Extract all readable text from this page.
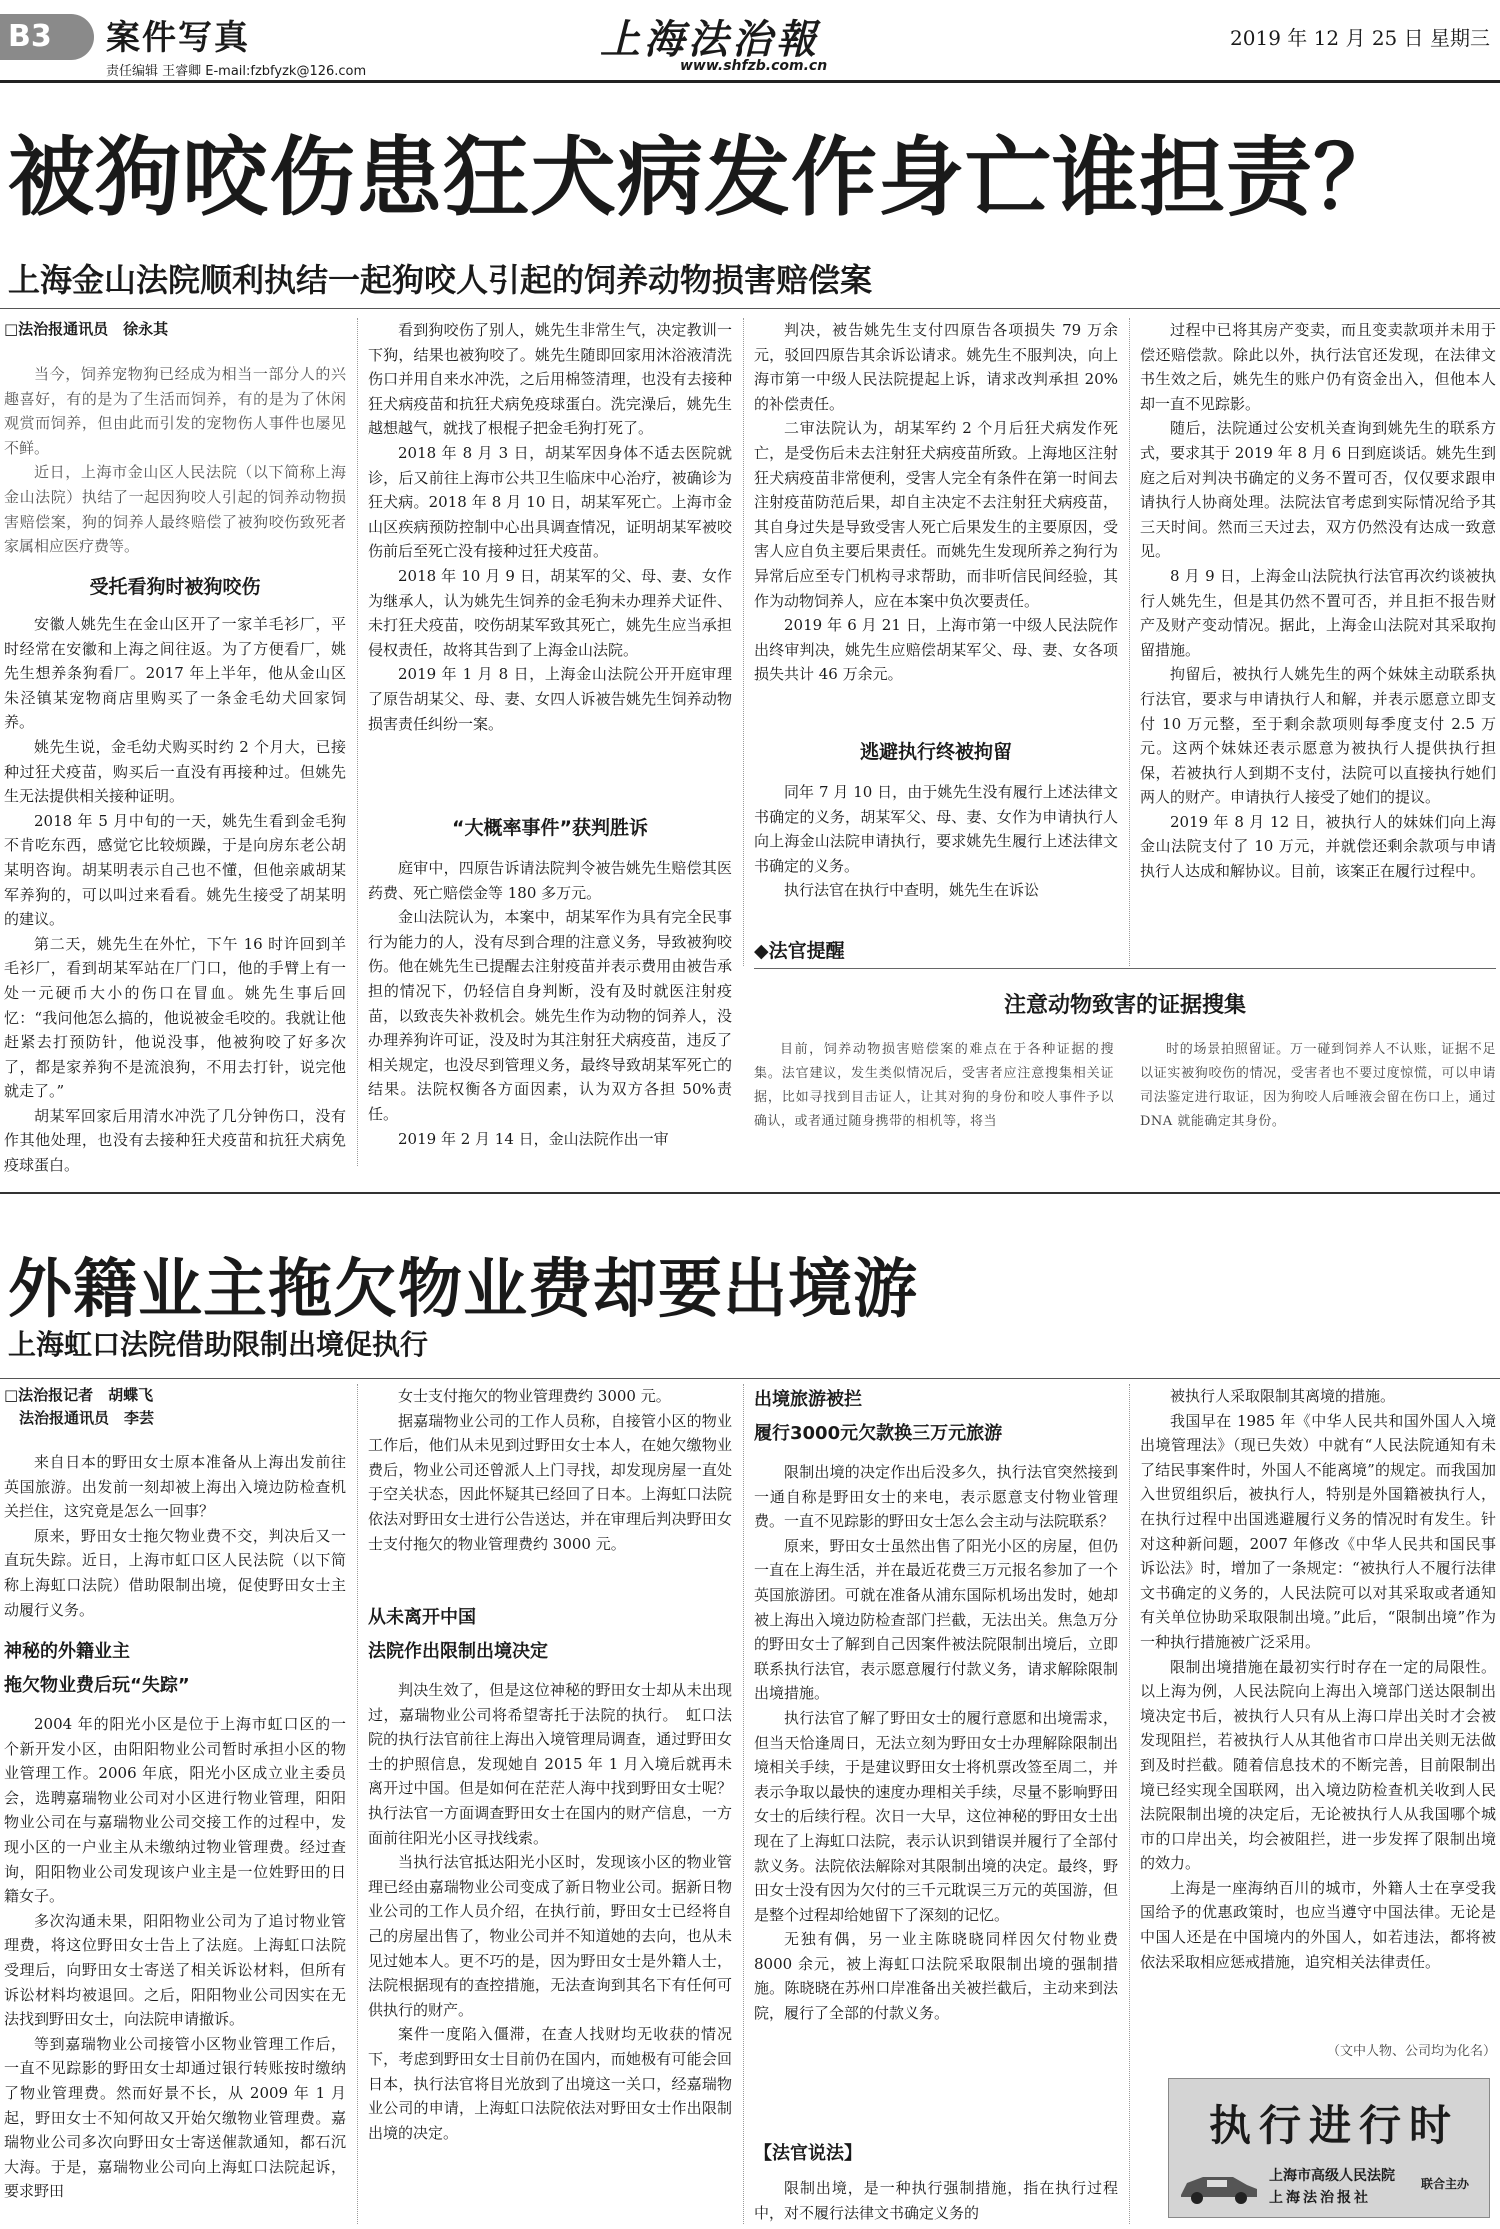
B3	案件写真
责任编辑 王睿卿 E-mail:fzbfyzk@126.com
上海法治報
www.shfzb.com.cn
2019 年 12 月 25 日 星期三
被狗咬伤患狂犬病发作身亡谁担责？
上海金山法院顺利执结一起狗咬人引起的饲养动物损害赔偿案
□法治报通讯员　徐永其

当今，饲养宠物狗已经成为相当一部分人的兴趣喜好，有的是为了生活而饲养，有的是为了休闲观赏而饲养，但由此而引发的宠物伤人事件也屡见不鲜。

近日，上海市金山区人民法院（以下简称上海金山法院）执结了一起因狗咬人引起的饲养动物损害赔偿案，狗的饲养人最终赔偿了被狗咬伤致死者家属相应医疗费等。

受托看狗时被狗咬伤

安徽人姚先生在金山区开了一家羊毛衫厂，平时经常在安徽和上海之间往返。为了方便看厂，姚先生想养条狗看厂。2017 年上半年，他从金山区朱泾镇某宠物商店里购买了一条金毛幼犬回家饲养。

姚先生说，金毛幼犬购买时约 2 个月大，已接种过狂犬疫苗，购买后一直没有再接种过。但姚先生无法提供相关接种证明。

2018 年 5 月中旬的一天，姚先生看到金毛狗不肯吃东西，感觉它比较烦躁，于是向房东老公胡某明咨询。胡某明表示自己也不懂，但他亲戚胡某军养狗的，可以叫过来看看。姚先生接受了胡某明的建议。

第二天，姚先生在外忙，下午 16 时许回到羊毛衫厂，看到胡某军站在厂门口，他的手臂上有一处一元硬币大小的伤口在冒血。姚先生事后回忆：“我问他怎么搞的，他说被金毛咬的。我就让他赶紧去打预防针，他说没事，他被狗咬了好多次了，都是家养狗不是流浪狗，不用去打针，说完他就走了。”

胡某军回家后用清水冲洗了几分钟伤口，没有作其他处理，也没有去接种狂犬疫苗和抗狂犬病免疫球蛋白。

看到狗咬伤了别人，姚先生非常生气，决定教训一下狗，结果也被狗咬了。姚先生随即回家用沐浴液清洗伤口并用自来水冲洗，之后用棉签清理，也没有去接种狂犬病疫苗和抗狂犬病免疫球蛋白。洗完澡后，姚先生越想越气，就找了根棍子把金毛狗打死了。

2018 年 8 月 3 日，胡某军因身体不适去医院就诊，后又前往上海市公共卫生临床中心治疗，被确诊为狂犬病。2018 年 8 月 10 日，胡某军死亡。上海市金山区疾病预防控制中心出具调查情况，证明胡某军被咬伤前后至死亡没有接种过狂犬疫苗。

2018 年 10 月 9 日，胡某军的父、母、妻、女作为继承人，认为姚先生饲养的金毛狗未办理养犬证件、未打狂犬疫苗，咬伤胡某军致其死亡，姚先生应当承担侵权责任，故将其告到了上海金山法院。

2019 年 1 月 8 日，上海金山法院公开开庭审理了原告胡某父、母、妻、女四人诉被告姚先生饲养动物损害责任纠纷一案。

“大概率事件”获判胜诉

庭审中，四原告诉请法院判令被告姚先生赔偿其医药费、死亡赔偿金等 180 多万元。

金山法院认为，本案中，胡某军作为具有完全民事行为能力的人，没有尽到合理的注意义务，导致被狗咬伤。他在姚先生已提醒去注射疫苗并表示费用由被告承担的情况下，仍轻信自身判断，没有及时就医注射疫苗，以致丧失补救机会。姚先生作为动物的饲养人，没办理养狗许可证，没及时为其注射狂犬病疫苗，违反了相关规定，也没尽到管理义务，最终导致胡某军死亡的结果。法院权衡各方面因素，认为双方各担 50%责任。

2019 年 2 月 14 日，金山法院作出一审

判决，被告姚先生支付四原告各项损失 79 万余元，驳回四原告其余诉讼请求。姚先生不服判决，向上海市第一中级人民法院提起上诉，请求改判承担 20%的补偿责任。

二审法院认为，胡某军约 2 个月后狂犬病发作死亡，是受伤后未去注射狂犬病疫苗所致。上海地区注射狂犬病疫苗非常便利，受害人完全有条件在第一时间去注射疫苗防范后果，却自主决定不去注射狂犬病疫苗，其自身过失是导致受害人死亡后果发生的主要原因，受害人应自负主要后果责任。而姚先生发现所养之狗行为异常后应至专门机构寻求帮助，而非听信民间经验，其作为动物饲养人，应在本案中负次要责任。

2019 年 6 月 21 日，上海市第一中级人民法院作出终审判决，姚先生应赔偿胡某军父、母、妻、女各项损失共计 46 万余元。

逃避执行终被拘留

同年 7 月 10 日，由于姚先生没有履行上述法律文书确定的义务，胡某军父、母、妻、女作为申请执行人向上海金山法院申请执行，要求姚先生履行上述法律文书确定的义务。

执行法官在执行中查明，姚先生在诉讼

过程中已将其房产变卖，而且变卖款项并未用于偿还赔偿款。除此以外，执行法官还发现，在法律文书生效之后，姚先生的账户仍有资金出入，但他本人却一直不见踪影。

随后，法院通过公安机关查询到姚先生的联系方式，要求其于 2019 年 8 月 6 日到庭谈话。姚先生到庭之后对判决书确定的义务不置可否，仅仅要求跟申请执行人协商处理。法院法官考虑到实际情况给予其三天时间。然而三天过去，双方仍然没有达成一致意见。

8 月 9 日，上海金山法院执行法官再次约谈被执行人姚先生，但是其仍然不置可否，并且拒不报告财产及财产变动情况。据此，上海金山法院对其采取拘留措施。

拘留后，被执行人姚先生的两个妹妹主动联系执行法官，要求与申请执行人和解，并表示愿意立即支付 10 万元整，至于剩余款项则每季度支付 2.5 万元。这两个妹妹还表示愿意为被执行人提供执行担保，若被执行人到期不支付，法院可以直接执行她们两人的财产。申请执行人接受了她们的提议。

2019 年 8 月 12 日，被执行人的妹妹们向上海金山法院支付了 10 万元，并就偿还剩余款项与申请执行人达成和解协议。目前，该案正在履行过程中。

◆法官提醒
注意动物致害的证据搜集

目前，饲养动物损害赔偿案的难点在于各种证据的搜集。法官建议，发生类似情况后，受害者应注意搜集相关证据，比如寻找到目击证人，让其对狗的身份和咬人事件予以确认，或者通过随身携带的相机等，将当

时的场景拍照留证。万一碰到饲养人不认账，证据不足以证实被狗咬伤的情况，受害者也不要过度惊慌，可以申请司法鉴定进行取证，因为狗咬人后唾液会留在伤口上，通过 DNA 就能确定其身份。

外籍业主拖欠物业费却要出境游
上海虹口法院借助限制出境促执行
□法治报记者　胡蝶飞
　法治报通讯员　李芸

来自日本的野田女士原本准备从上海出发前往英国旅游。出发前一刻却被上海出入境边防检查机关拦住，这究竟是怎么一回事？

原来，野田女士拖欠物业费不交，判决后又一直玩失踪。近日，上海市虹口区人民法院（以下简称上海虹口法院）借助限制出境，促使野田女士主动履行义务。

神秘的外籍业主
拖欠物业费后玩“失踪”

2004 年的阳光小区是位于上海市虹口区的一个新开发小区，由阳阳物业公司暂时承担小区的物业管理工作。2006 年底，阳光小区成立业主委员会，选聘嘉瑞物业公司对小区进行物业管理，阳阳物业公司在与嘉瑞物业公司交接工作的过程中，发现小区的一户业主从未缴纳过物业管理费。经过查询，阳阳物业公司发现该户业主是一位姓野田的日籍女子。

多次沟通未果，阳阳物业公司为了追讨物业管理费，将这位野田女士告上了法庭。上海虹口法院受理后，向野田女士寄送了相关诉讼材料，但所有诉讼材料均被退回。之后，阳阳物业公司因实在无法找到野田女士，向法院申请撤诉。

等到嘉瑞物业公司接管小区物业管理工作后，一直不见踪影的野田女士却通过银行转账按时缴纳了物业管理费。然而好景不长，从 2009 年 1 月起，野田女士不知何故又开始欠缴物业管理费。嘉瑞物业公司多次向野田女士寄送催款通知，都石沉大海。于是，嘉瑞物业公司向上海虹口法院起诉，要求野田

女士支付拖欠的物业管理费约 3000 元。

据嘉瑞物业公司的工作人员称，自接管小区的物业工作后，他们从未见到过野田女士本人，在她欠缴物业费后，物业公司还曾派人上门寻找，却发现房屋一直处于空关状态，因此怀疑其已经回了日本。上海虹口法院依法对野田女士进行公告送达，并在审理后判决野田女士支付拖欠的物业管理费约 3000 元。

从未离开中国
法院作出限制出境决定

判决生效了，但是这位神秘的野田女士却从未出现过，嘉瑞物业公司将希望寄托于法院的执行。　虹口法院的执行法官前往上海出入境管理局调查，通过野田女士的护照信息，发现她自 2015 年 1 月入境后就再未离开过中国。但是如何在茫茫人海中找到野田女士呢？执行法官一方面调查野田女士在国内的财产信息，一方面前往阳光小区寻找线索。

当执行法官抵达阳光小区时，发现该小区的物业管理已经由嘉瑞物业公司变成了新日物业公司。据新日物业公司的工作人员介绍，在执行前，野田女士已经将自己的房屋出售了，物业公司并不知道她的去向，也从未见过她本人。更不巧的是，因为野田女士是外籍人士，法院根据现有的查控措施，无法查询到其名下有任何可供执行的财产。

案件一度陷入僵滞，在查人找财均无收获的情况下，考虑到野田女士目前仍在国内，而她极有可能会回日本，执行法官将目光放到了出境这一关口，经嘉瑞物业公司的申请，上海虹口法院依法对野田女士作出限制出境的决定。

出境旅游被拦
履行3000元欠款换三万元旅游

限制出境的决定作出后没多久，执行法官突然接到一通自称是野田女士的来电，表示愿意支付物业管理费。一直不见踪影的野田女士怎么会主动与法院联系？

原来，野田女士虽然出售了阳光小区的房屋，但仍一直在上海生活，并在最近花费三万元报名参加了一个英国旅游团。可就在准备从浦东国际机场出发时，她却被上海出入境边防检查部门拦截，无法出关。焦急万分的野田女士了解到自己因案件被法院限制出境后，立即联系执行法官，表示愿意履行付款义务，请求解除限制出境措施。

执行法官了解了野田女士的履行意愿和出境需求，但当天恰逢周日，无法立刻为野田女士办理解除限制出境相关手续，于是建议野田女士将机票改签至周二，并表示争取以最快的速度办理相关手续，尽量不影响野田女士的后续行程。次日一大早，这位神秘的野田女士出现在了上海虹口法院，表示认识到错误并履行了全部付款义务。法院依法解除对其限制出境的决定。最终，野田女士没有因为欠付的三千元耽误三万元的英国游，但是整个过程却给她留下了深刻的记忆。

无独有偶，另一业主陈晓晓同样因欠付物业费 8000 余元，被上海虹口法院采取限制出境的强制措施。陈晓晓在苏州口岸准备出关被拦截后，主动来到法院，履行了全部的付款义务。

【法官说法】

限制出境，是一种执行强制措施，指在执行过程中，对不履行法律文书确定义务的

被执行人采取限制其离境的措施。

我国早在 1985 年《中华人民共和国外国人入境出境管理法》（现已失效）中就有“人民法院通知有未了结民事案件时，外国人不能离境”的规定。而我国加入世贸组织后，被执行人，特别是外国籍被执行人，在执行过程中出国逃避履行义务的情况时有发生。针对这种新问题，2007 年修改《中华人民共和国民事诉讼法》时，增加了一条规定：“被执行人不履行法律文书确定的义务的，人民法院可以对其采取或者通知有关单位协助采取限制出境。”此后，“限制出境”作为一种执行措施被广泛采用。

限制出境措施在最初实行时存在一定的局限性。以上海为例，人民法院向上海出入境部门送达限制出境决定书后，被执行人只有从上海口岸出关时才会被发现阻拦，若被执行人从其他省市口岸出关则无法做到及时拦截。随着信息技术的不断完善，目前限制出境已经实现全国联网，出入境边防检查机关收到人民法院限制出境的决定后，无论被执行人从我国哪个城市的口岸出关，均会被阻拦，进一步发挥了限制出境的效力。

上海是一座海纳百川的城市，外籍人士在享受我国给予的优惠政策时，也应当遵守中国法律。无论是中国人还是在中国境内的外国人，如若违法，都将被依法采取相应惩戒措施，追究相关法律责任。

（文中人物、公司均为化名）
执行进行时
上海市高级人民法院
上海法治报社
联合主办
